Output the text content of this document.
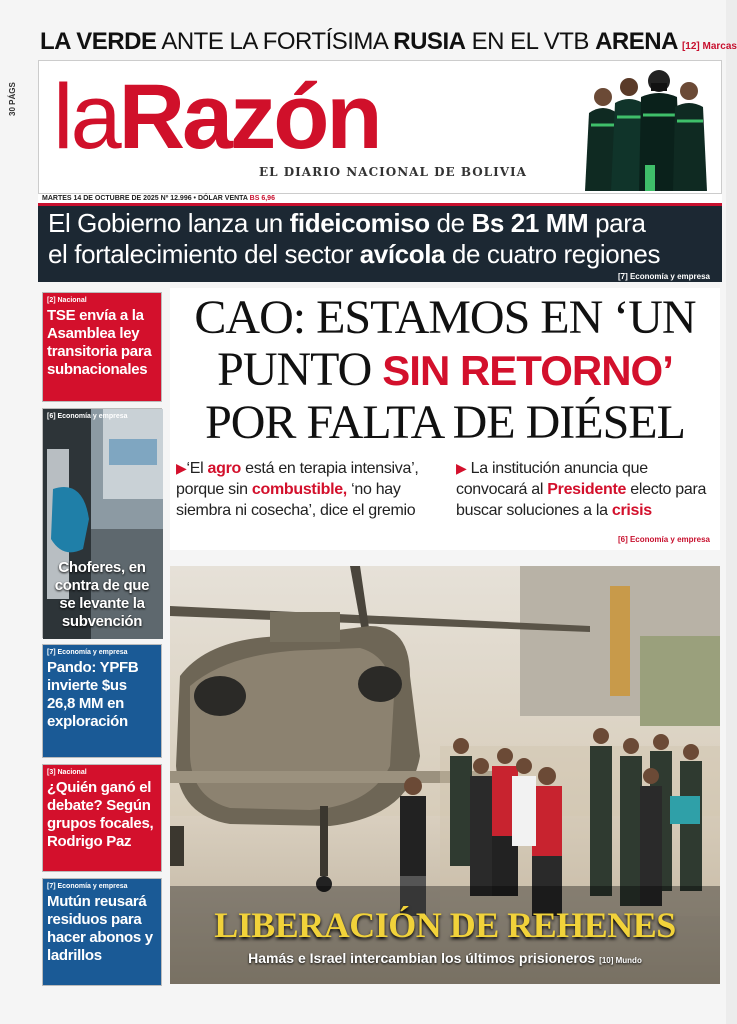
LA VERDE ANTE LA FORTÍSIMA RUSIA EN EL VTB ARENA [12] Marcas
30 PÁGS laRazón
EL DIARIO NACIONAL DE BOLIVIA
MARTES 14 DE OCTUBRE DE 2025 Nº 12.996 • DÓLAR VENTA BS 6,96
El Gobierno lanza un fideicomiso de Bs 21 MM para
el fortalecimiento del sector avícola de cuatro regiones
[7] Economía y empresa
[2] Nacional
TSE envía a la Asamblea ley transitoria para subnacionales
[6] Economía y empresa
Choferes, en contra de que se levante la subvención
[7] Economía y empresa
Pando: YPFB invierte $us 26,8 MM en exploración
[3] Nacional
¿Quién ganó el debate? Según grupos focales, Rodrigo Paz
[7] Economía y empresa
Mutún reusará residuos para hacer abonos y ladrillos
CAO: ESTAMOS EN ‘UN
PUNTO SIN RETORNO’
POR FALTA DE DIÉSEL
▶‘El agro está en terapia intensiva’, porque sin combustible, ‘no hay siembra ni cosecha’, dice el gremio
▶ La institución anuncia que convocará al Presidente electo para buscar soluciones a la crisis
[6] Economía y empresa
LIBERACIÓN DE REHENES
Hamás e Israel intercambian los últimos prisioneros [10] Mundo
